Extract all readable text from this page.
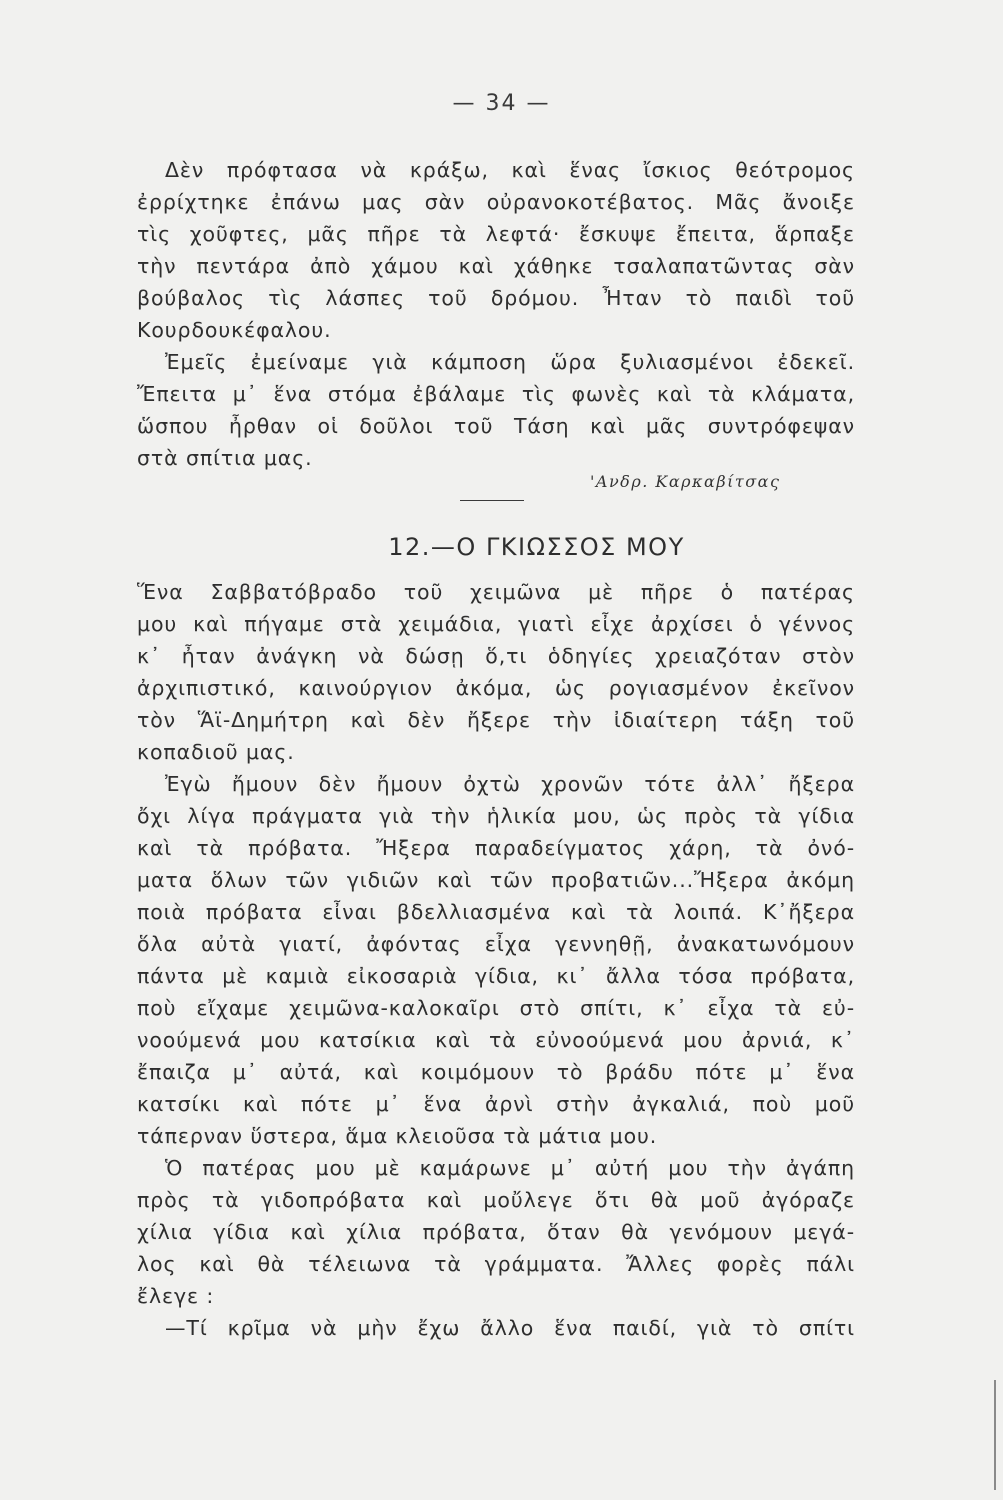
— 34 —
Δὲν πρόφτασα νὰ κράξω, καὶ ἕνας ἴσκιος θεότρομος
ἐρρίχτηκε ἐπάνω μας σὰν οὐρανοκοτέβατος. Μᾶς ἄνοιξε
τὶς χοῦφτες, μᾶς πῆρε τὰ λεφτά· ἔσκυψε ἔπειτα, ἅρπαξε
τὴν πεντάρα ἀπὸ χάμου καὶ χάθηκε τσαλαπατῶντας σὰν
βούβαλος τὶς λάσπες τοῦ δρόμου. Ἦταν τὸ παιδὶ τοῦ
Κουρδουκέφαλου.
Ἐμεῖς ἐμείναμε γιὰ κάμποση ὥρα ξυλιασμένοι ἐδεκεῖ.
Ἔπειτα μ᾽ ἕνα στόμα ἐβάλαμε τὶς φωνὲς καὶ τὰ κλάματα,
ὥσπου ἦρθαν οἱ δοῦλοι τοῦ Τάση καὶ μᾶς συντρόφεψαν
στὰ σπίτια μας.
'Ανδρ. Καρκαβίτσας
12.—Ο ΓΚΙΩΣΣΟΣ ΜΟΥ
Ἕνα Σαββατόβραδο τοῦ χειμῶνα μὲ πῆρε ὁ πατέρας
μου καὶ πήγαμε στὰ χειμάδια, γιατὶ εἶχε ἀρχίσει ὁ γέννος
κ᾽ ἦταν ἀνάγκη νὰ δώσῃ ὅ,τι ὁδηγίες χρειαζόταν στὸν
ἀρχιπιστικό, καινούργιον ἀκόμα, ὡς ρογιασμένον ἐκεῖνον
τὸν Ἅϊ-Δημήτρη καὶ δὲν ἤξερε τὴν ἰδιαίτερη τάξη τοῦ
κοπαδιοῦ μας.
Ἐγὼ ἤμουν δὲν ἤμουν ὀχτὼ χρονῶν τότε ἀλλ᾽ ἤξερα
ὄχι λίγα πράγματα γιὰ τὴν ἡλικία μου, ὡς πρὸς τὰ γίδια
καὶ τὰ πρόβατα. Ἤξερα παραδείγματος χάρη, τὰ ὀνό-
ματα ὅλων τῶν γιδιῶν καὶ τῶν προβατιῶν...Ἤξερα ἀκόμη
ποιὰ πρόβατα εἶναι βδελλιασμένα καὶ τὰ λοιπά. Κ᾽ἤξερα
ὅλα αὐτὰ γιατί, ἀφόντας εἶχα γεννηθῇ, ἀνακατωνόμουν
πάντα μὲ καμιὰ εἰκοσαριὰ γίδια, κι᾽ ἄλλα τόσα πρόβατα,
ποὺ εἴχαμε χειμῶνα-καλοκαῖρι στὸ σπίτι, κ᾽ εἶχα τὰ εὐ-
νοούμενά μου κατσίκια καὶ τὰ εὐνοούμενά μου ἀρνιά, κ᾽
ἔπαιζα μ᾽ αὐτά, καὶ κοιμόμουν τὸ βράδυ πότε μ᾽ ἕνα
κατσίκι καὶ πότε μ᾽ ἕνα ἀρνὶ στὴν ἀγκαλιά, ποὺ μοῦ
τάπερναν ὕστερα, ἅμα κλειοῦσα τὰ μάτια μου.
Ὁ πατέρας μου μὲ καμάρωνε μ᾽ αὐτή μου τὴν ἀγάπη
πρὸς τὰ γιδοπρόβατα καὶ μοὔλεγε ὅτι θὰ μοῦ ἀγόραζε
χίλια γίδια καὶ χίλια πρόβατα, ὅταν θὰ γενόμουν μεγά-
λος καὶ θὰ τέλειωνα τὰ γράμματα. Ἄλλες φορὲς πάλι
ἔλεγε :
—Τί κρῖμα νὰ μὴν ἔχω ἄλλο ἕνα παιδί, γιὰ τὸ σπίτι
